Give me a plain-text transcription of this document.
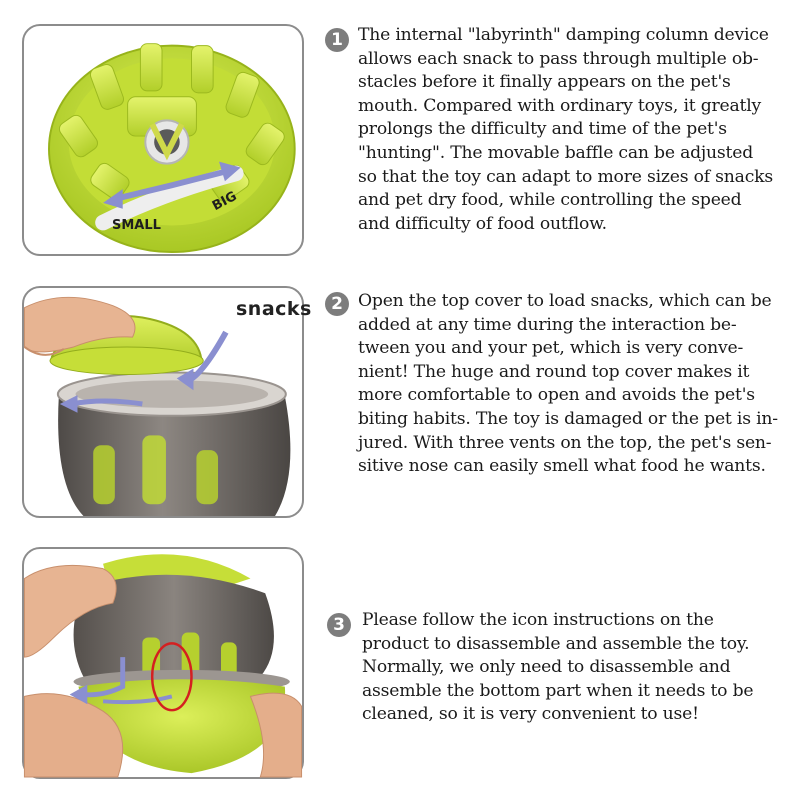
SMALL
BIG
snacks
1
2
3

The internal "labyrinth" damping column device
allows each snack to pass through multiple ob-
stacles before it finally appears on the pet's
mouth. Compared with ordinary toys, it greatly
prolongs the difficulty and time of the pet's
"hunting". The movable baffle can be adjusted
so that the toy can adapt to more sizes of snacks
and pet dry food, while controlling the speed
and difficulty of food outflow.

Open the top cover to load snacks, which can be
added at any time during the interaction be-
tween you and your pet, which is very conve-
nient! The huge and round top cover makes it
more comfortable to open and avoids the pet's
biting habits. The toy is damaged or the pet is in-
jured. With three vents on the top, the pet's sen-
sitive nose can easily smell what food he wants.

Please follow the icon instructions on the
product to disassemble and assemble the toy.
Normally, we only need to disassemble and
assemble the bottom part when it needs to be
cleaned, so it is very convenient to use!
